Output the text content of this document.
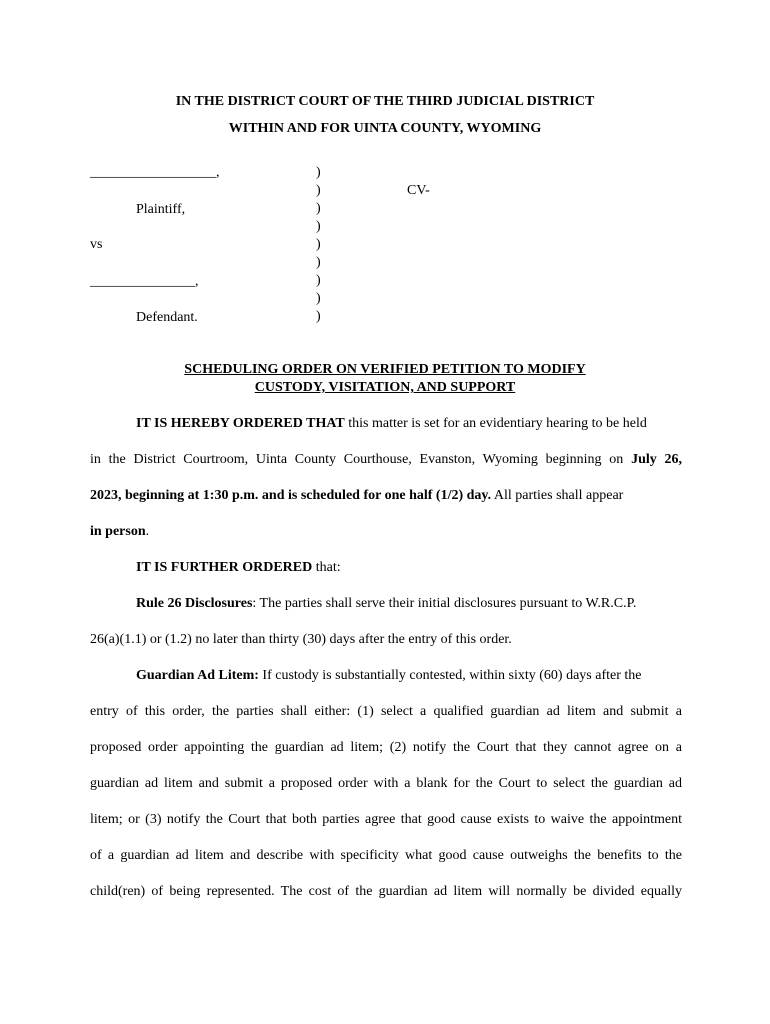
IN THE DISTRICT COURT OF THE THIRD JUDICIAL DISTRICT
WITHIN AND FOR UINTA COUNTY, WYOMING
__________________,
Plaintiff,
vs
_______________,
Defendant.
CV-
)
)
)
)
)
)
)
)
)
SCHEDULING ORDER ON VERIFIED PETITION TO MODIFY
CUSTODY, VISITATION, AND SUPPORT
IT IS HEREBY ORDERED THAT this matter is set for an evidentiary hearing to be held
in the District Courtroom, Uinta County Courthouse, Evanston, Wyoming beginning on July 26,
2023, beginning at 1:30 p.m. and is scheduled for one half (1/2) day. All parties shall appear
in person.
IT IS FURTHER ORDERED that:
Rule 26 Disclosures: The parties shall serve their initial disclosures pursuant to W.R.C.P.
26(a)(1.1) or (1.2) no later than thirty (30) days after the entry of this order.
Guardian Ad Litem: If custody is substantially contested, within sixty (60) days after the
entry of this order, the parties shall either: (1) select a qualified guardian ad litem and submit a
proposed order appointing the guardian ad litem; (2) notify the Court that they cannot agree on a
guardian ad litem and submit a proposed order with a blank for the Court to select the guardian ad
litem; or (3) notify the Court that both parties agree that good cause exists to waive the appointment
of a guardian ad litem and describe with specificity what good cause outweighs the benefits to the
child(ren) of being represented. The cost of the guardian ad litem will normally be divided equally
